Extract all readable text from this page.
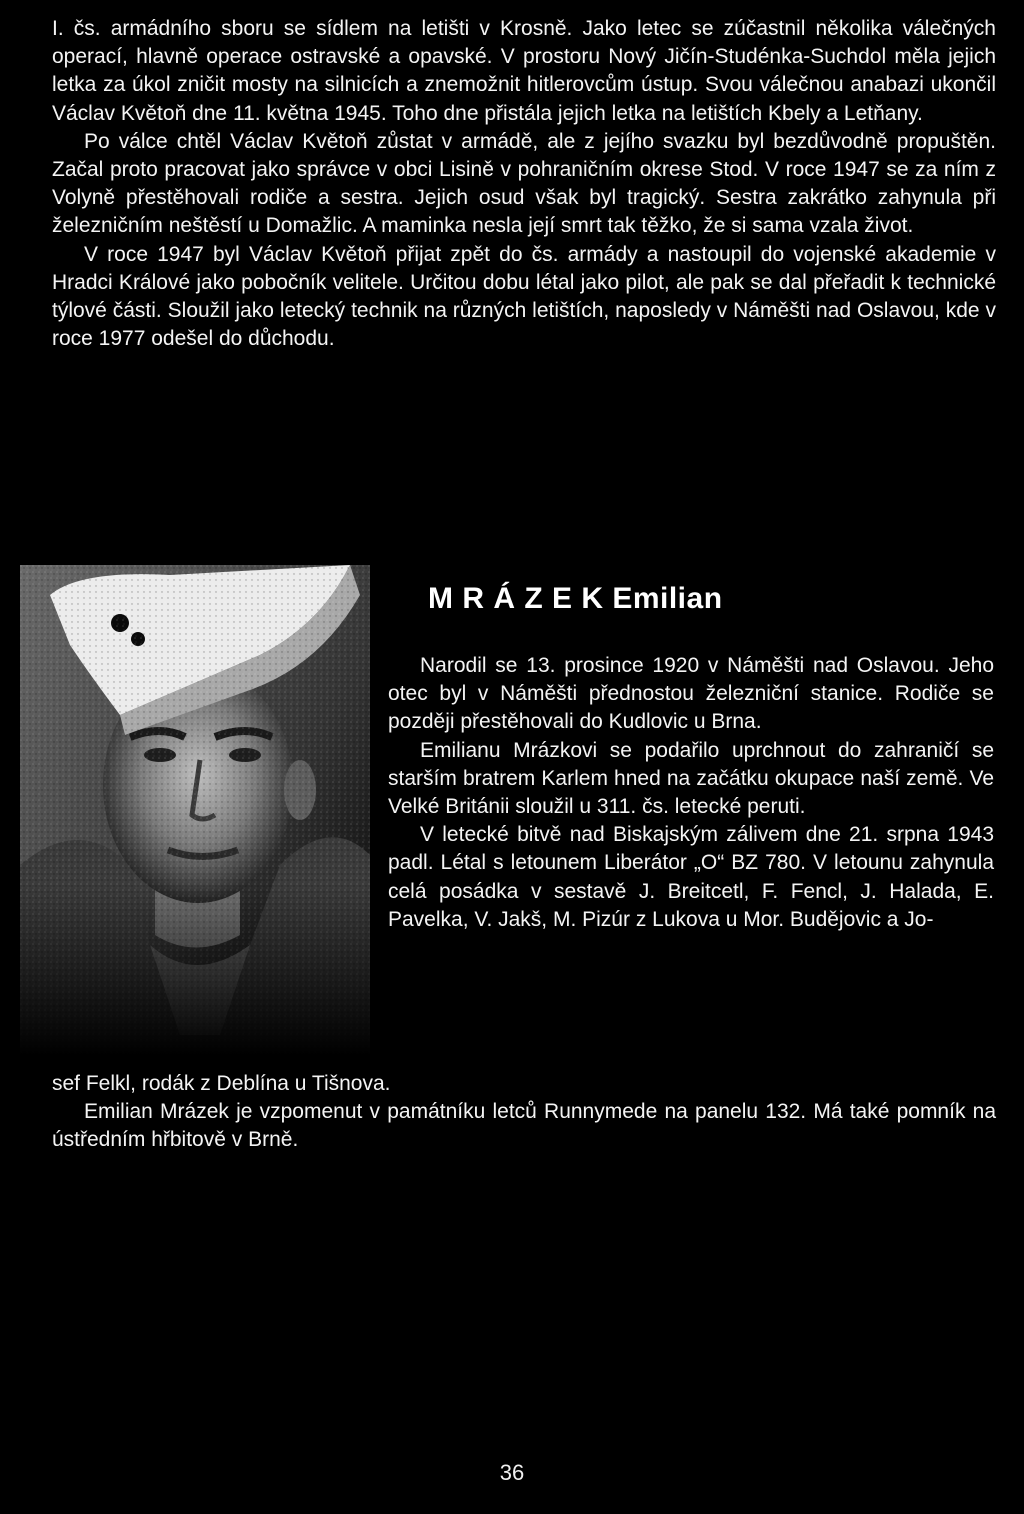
I. čs. armádního sboru se sídlem na letišti v Krosně. Jako letec se zúčastnil několika válečných operací, hlavně operace ostravské a opavské. V prostoru Nový Jičín-Studénka-Suchdol měla jejich letka za úkol zničit mosty na silnicích a znemožnit hitlerovcům ústup. Svou válečnou anabazi ukončil Václav Květoň dne 11. května 1945. Toho dne přistála jejich letka na letištích Kbely a Letňany.

Po válce chtěl Václav Květoň zůstat v armádě, ale z jejího svazku byl bezdůvodně propuštěn. Začal proto pracovat jako správce v obci Lisině v pohraničním okrese Stod. V roce 1947 se za ním z Volyně přestěhovali rodiče a sestra. Jejich osud však byl tragický. Sestra zakrátko zahynula při železničním neštěstí u Domažlic. A maminka nesla její smrt tak těžko, že si sama vzala život.

V roce 1947 byl Václav Květoň přijat zpět do čs. armády a nastoupil do vojenské akademie v Hradci Králové jako pobočník velitele. Určitou dobu létal jako pilot, ale pak se dal přeřadit k technické týlové části. Sloužil jako letecký technik na různých letištích, naposledy v Náměšti nad Oslavou, kde v roce 1977 odešel do důchodu.

M R Á Z E K Emilian

Narodil se 13. prosince 1920 v Náměšti nad Oslavou. Jeho otec byl v Náměšti přednostou železniční stanice. Rodiče se později přestěhovali do Kudlovic u Brna.

Emilianu Mrázkovi se podařilo uprchnout do zahraničí se starším bratrem Karlem hned na začátku okupace naší země. Ve Velké Británii sloužil u 311. čs. letecké peruti.

V letecké bitvě nad Biskajským zálivem dne 21. srpna 1943 padl. Létal s letounem Liberátor „O“ BZ 780. V letounu zahynula celá posádka v sestavě J. Breitcetl, F. Fencl, J. Halada, E. Pavelka, V. Jakš, M. Pizúr z Lukova u Mor. Budějovic a Jo-

sef Felkl, rodák z Deblína u Tišnova.

Emilian Mrázek je vzpomenut v památníku letců Runnymede na panelu 132. Má také pomník na ústředním hřbitově v Brně.

36
